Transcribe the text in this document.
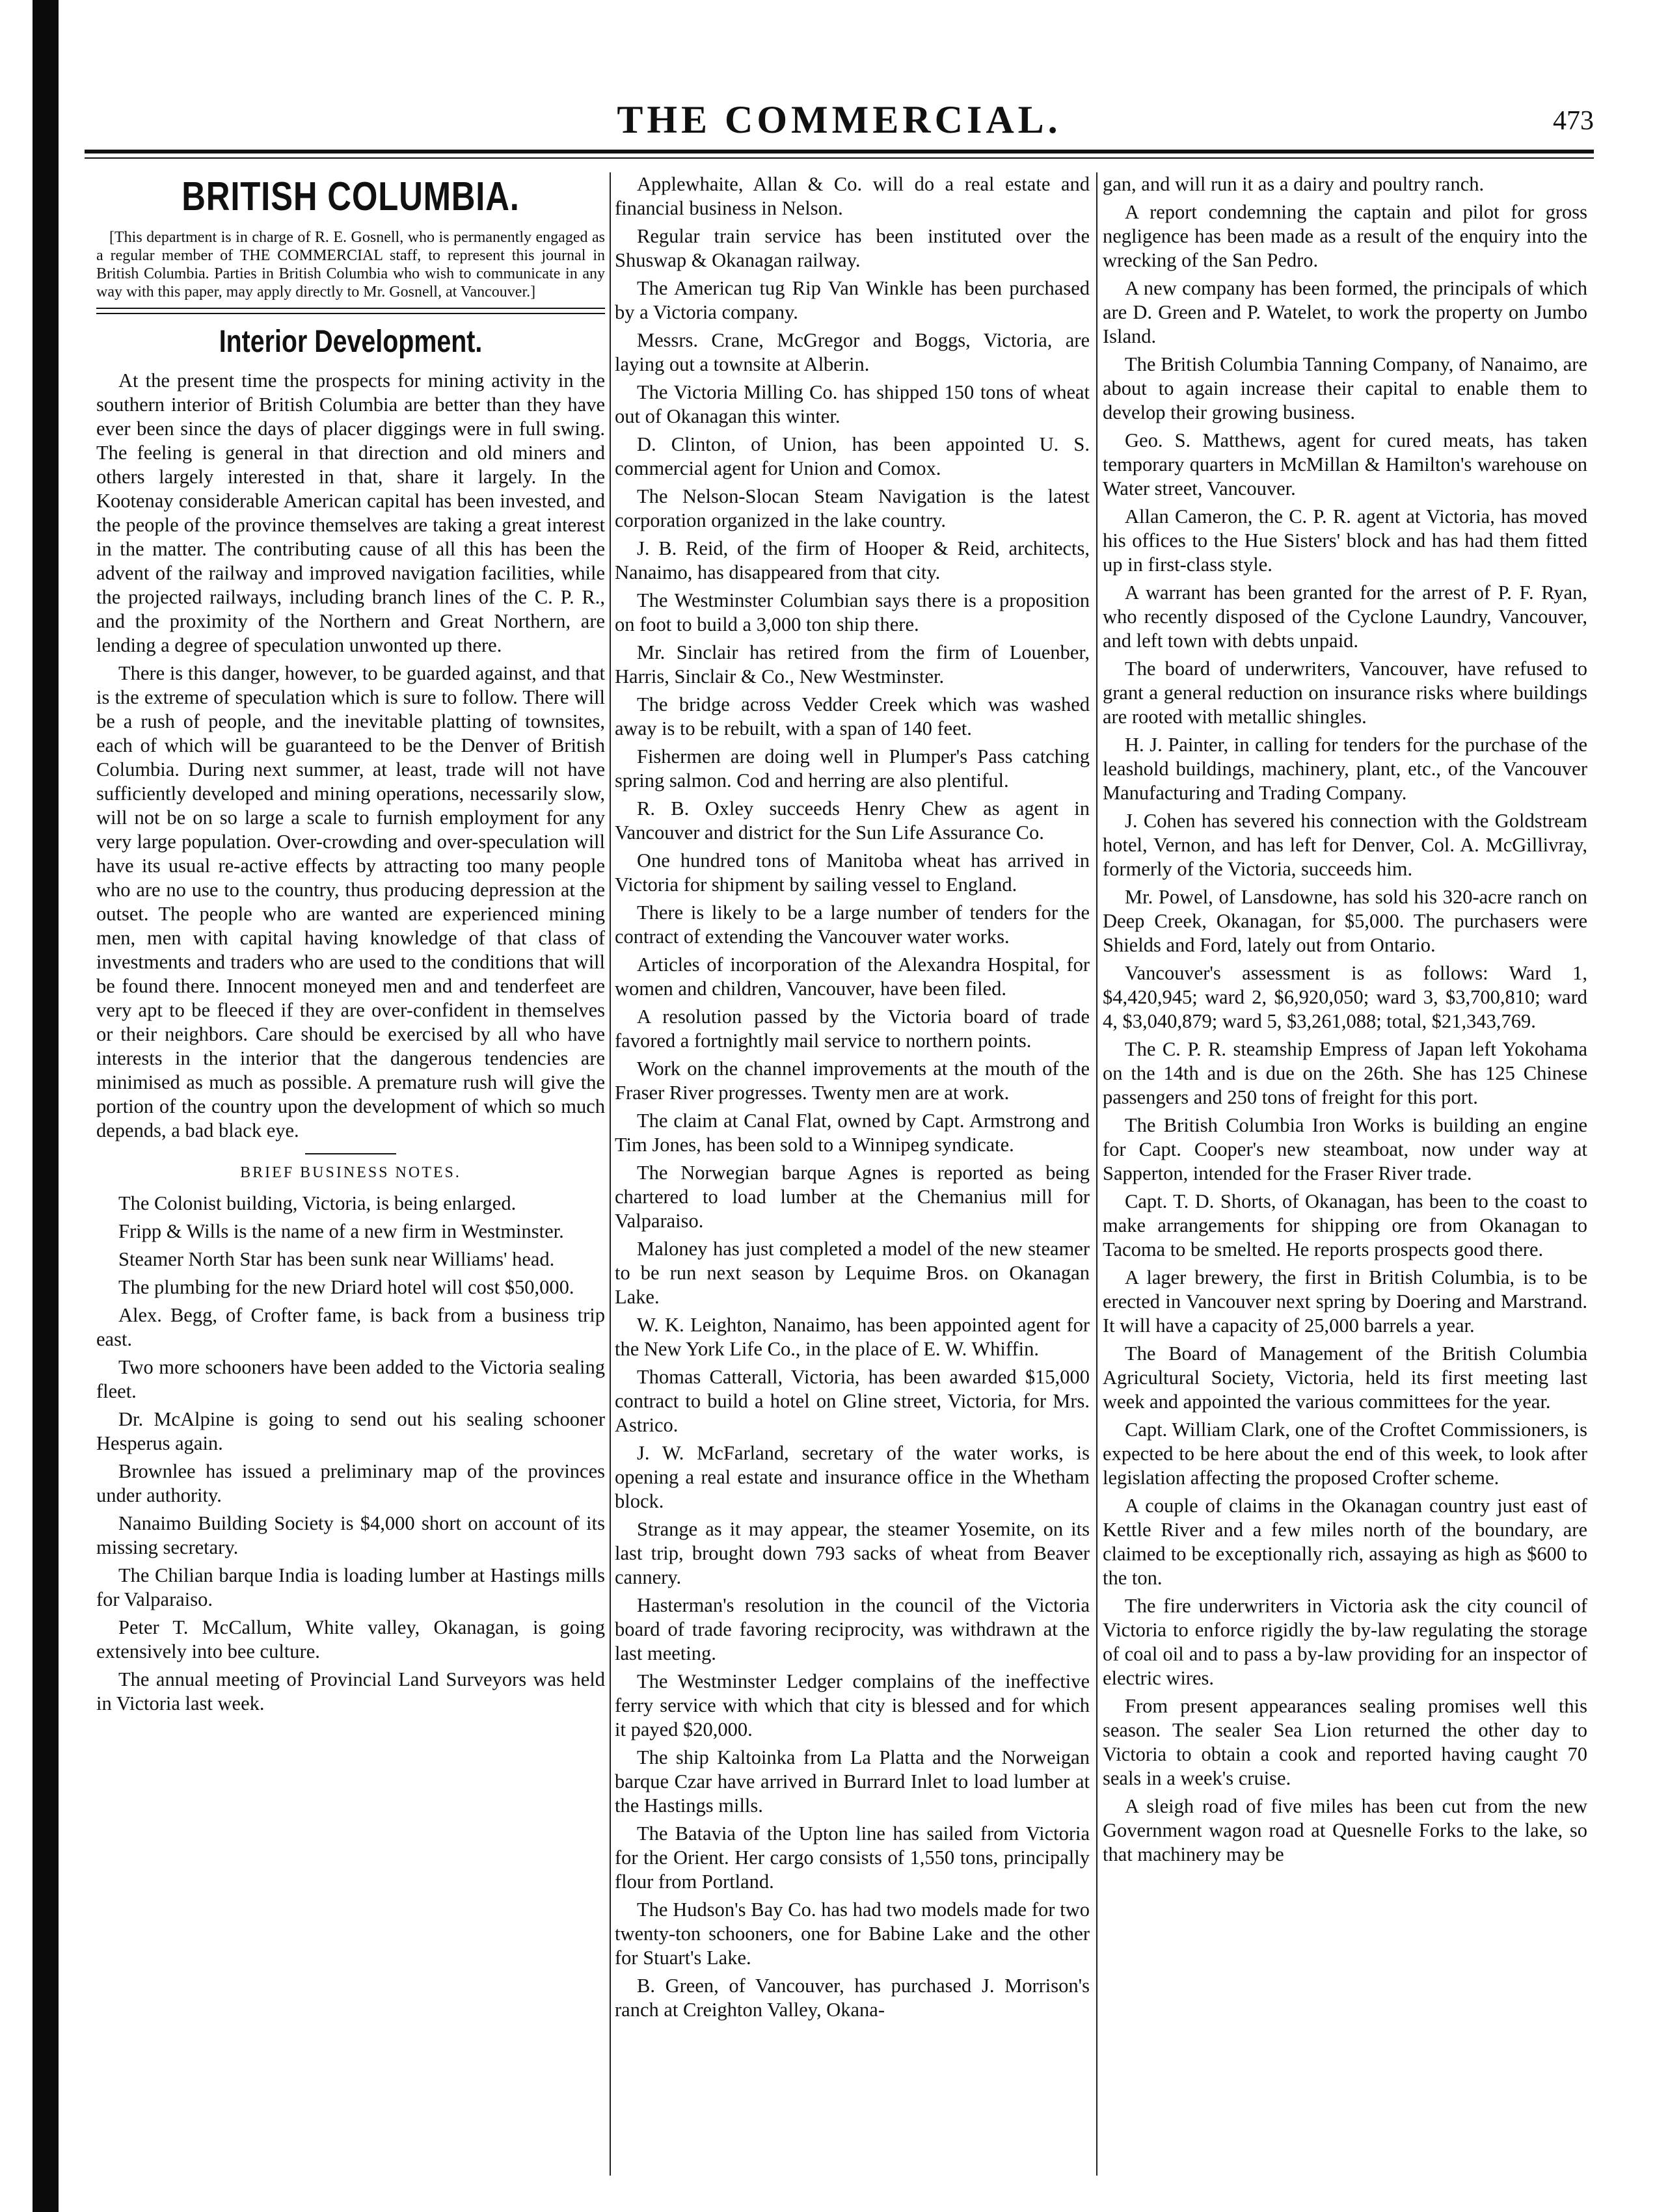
THE COMMERCIAL.	473
BRITISH COLUMBIA.

[This department is in charge of R. E. Gosnell, who is permanently engaged as a regular member of THE COMMERCIAL staff, to represent this journal in British Columbia. Parties in British Columbia who wish to communicate in any way with this paper, may apply directly to Mr. Gosnell, at Vancouver.]

Interior Development.

At the present time the prospects for mining activity in the southern interior of British Columbia are better than they have ever been since the days of placer diggings were in full swing. The feeling is general in that direction and old miners and others largely interested in that, share it largely. In the Kootenay considerable American capital has been invested, and the people of the province themselves are taking a great interest in the matter. The contributing cause of all this has been the advent of the railway and improved navigation facilities, while the projected railways, including branch lines of the C. P. R., and the proximity of the Northern and Great Northern, are lending a degree of speculation unwonted up there.

There is this danger, however, to be guarded against, and that is the extreme of speculation which is sure to follow. There will be a rush of people, and the inevitable platting of townsites, each of which will be guaranteed to be the Denver of British Columbia. During next summer, at least, trade will not have sufficiently developed and mining operations, necessarily slow, will not be on so large a scale to furnish employment for any very large population. Over-crowding and over-speculation will have its usual re-active effects by attracting too many people who are no use to the country, thus producing depression at the outset. The people who are wanted are experienced mining men, men with capital having knowledge of that class of investments and traders who are used to the conditions that will be found there. Innocent moneyed men and and tenderfeet are very apt to be fleeced if they are over-confident in themselves or their neighbors. Care should be exercised by all who have interests in the interior that the dangerous tendencies are minimised as much as possible. A premature rush will give the portion of the country upon the development of which so much depends, a bad black eye.

BRIEF BUSINESS NOTES.

The Colonist building, Victoria, is being enlarged.

Fripp & Wills is the name of a new firm in Westminster.

Steamer North Star has been sunk near Williams' head.

The plumbing for the new Driard hotel will cost $50,000.

Alex. Begg, of Crofter fame, is back from a business trip east.

Two more schooners have been added to the Victoria sealing fleet.

Dr. McAlpine is going to send out his sealing schooner Hesperus again.

Brownlee has issued a preliminary map of the provinces under authority.

Nanaimo Building Society is $4,000 short on account of its missing secretary.

The Chilian barque India is loading lumber at Hastings mills for Valparaiso.

Peter T. McCallum, White valley, Okanagan, is going extensively into bee culture.

The annual meeting of Provincial Land Surveyors was held in Victoria last week.

Applewhaite, Allan & Co. will do a real estate and financial business in Nelson.

Regular train service has been instituted over the Shuswap & Okanagan railway.

The American tug Rip Van Winkle has been purchased by a Victoria company.

Messrs. Crane, McGregor and Boggs, Victoria, are laying out a townsite at Alberin.

The Victoria Milling Co. has shipped 150 tons of wheat out of Okanagan this winter.

D. Clinton, of Union, has been appointed U. S. commercial agent for Union and Comox.

The Nelson-Slocan Steam Navigation is the latest corporation organized in the lake country.

J. B. Reid, of the firm of Hooper & Reid, architects, Nanaimo, has disappeared from that city.

The Westminster Columbian says there is a proposition on foot to build a 3,000 ton ship there.

Mr. Sinclair has retired from the firm of Louenber, Harris, Sinclair & Co., New Westminster.

The bridge across Vedder Creek which was washed away is to be rebuilt, with a span of 140 feet.

Fishermen are doing well in Plumper's Pass catching spring salmon. Cod and herring are also plentiful.

R. B. Oxley succeeds Henry Chew as agent in Vancouver and district for the Sun Life Assurance Co.

One hundred tons of Manitoba wheat has arrived in Victoria for shipment by sailing vessel to England.

There is likely to be a large number of tenders for the contract of extending the Vancouver water works.

Articles of incorporation of the Alexandra Hospital, for women and children, Vancouver, have been filed.

A resolution passed by the Victoria board of trade favored a fortnightly mail service to northern points.

Work on the channel improvements at the mouth of the Fraser River progresses. Twenty men are at work.

The claim at Canal Flat, owned by Capt. Armstrong and Tim Jones, has been sold to a Winnipeg syndicate.

The Norwegian barque Agnes is reported as being chartered to load lumber at the Chemanius mill for Valparaiso.

Maloney has just completed a model of the new steamer to be run next season by Lequime Bros. on Okanagan Lake.

W. K. Leighton, Nanaimo, has been appointed agent for the New York Life Co., in the place of E. W. Whiffin.

Thomas Catterall, Victoria, has been awarded $15,000 contract to build a hotel on Gline street, Victoria, for Mrs. Astrico.

J. W. McFarland, secretary of the water works, is opening a real estate and insurance office in the Whetham block.

Strange as it may appear, the steamer Yosemite, on its last trip, brought down 793 sacks of wheat from Beaver cannery.

Hasterman's resolution in the council of the Victoria board of trade favoring reciprocity, was withdrawn at the last meeting.

The Westminster Ledger complains of the ineffective ferry service with which that city is blessed and for which it payed $20,000.

The ship Kaltoinka from La Platta and the Norweigan barque Czar have arrived in Burrard Inlet to load lumber at the Hastings mills.

The Batavia of the Upton line has sailed from Victoria for the Orient. Her cargo consists of 1,550 tons, principally flour from Portland.

The Hudson's Bay Co. has had two models made for two twenty-ton schooners, one for Babine Lake and the other for Stuart's Lake.

B. Green, of Vancouver, has purchased J. Morrison's ranch at Creighton Valley, Okana-

gan, and will run it as a dairy and poultry ranch.

A report condemning the captain and pilot for gross negligence has been made as a result of the enquiry into the wrecking of the San Pedro.

A new company has been formed, the principals of which are D. Green and P. Watelet, to work the property on Jumbo Island.

The British Columbia Tanning Company, of Nanaimo, are about to again increase their capital to enable them to develop their growing business.

Geo. S. Matthews, agent for cured meats, has taken temporary quarters in McMillan & Hamilton's warehouse on Water street, Vancouver.

Allan Cameron, the C. P. R. agent at Victoria, has moved his offices to the Hue Sisters' block and has had them fitted up in first-class style.

A warrant has been granted for the arrest of P. F. Ryan, who recently disposed of the Cyclone Laundry, Vancouver, and left town with debts unpaid.

The board of underwriters, Vancouver, have refused to grant a general reduction on insurance risks where buildings are rooted with metallic shingles.

H. J. Painter, in calling for tenders for the purchase of the leashold buildings, machinery, plant, etc., of the Vancouver Manufacturing and Trading Company.

J. Cohen has severed his connection with the Goldstream hotel, Vernon, and has left for Denver, Col. A. McGillivray, formerly of the Victoria, succeeds him.

Mr. Powel, of Lansdowne, has sold his 320-acre ranch on Deep Creek, Okanagan, for $5,000. The purchasers were Shields and Ford, lately out from Ontario.

Vancouver's assessment is as follows: Ward 1, $4,420,945; ward 2, $6,920,050; ward 3, $3,700,810; ward 4, $3,040,879; ward 5, $3,261,088; total, $21,343,769.

The C. P. R. steamship Empress of Japan left Yokohama on the 14th and is due on the 26th. She has 125 Chinese passengers and 250 tons of freight for this port.

The British Columbia Iron Works is building an engine for Capt. Cooper's new steamboat, now under way at Sapperton, intended for the Fraser River trade.

Capt. T. D. Shorts, of Okanagan, has been to the coast to make arrangements for shipping ore from Okanagan to Tacoma to be smelted. He reports prospects good there.

A lager brewery, the first in British Columbia, is to be erected in Vancouver next spring by Doering and Marstrand. It will have a capacity of 25,000 barrels a year.

The Board of Management of the British Columbia Agricultural Society, Victoria, held its first meeting last week and appointed the various committees for the year.

Capt. William Clark, one of the Croftet Commissioners, is expected to be here about the end of this week, to look after legislation affecting the proposed Crofter scheme.

A couple of claims in the Okanagan country just east of Kettle River and a few miles north of the boundary, are claimed to be exceptionally rich, assaying as high as $600 to the ton.

The fire underwriters in Victoria ask the city council of Victoria to enforce rigidly the by-law regulating the storage of coal oil and to pass a by-law providing for an inspector of electric wires.

From present appearances sealing promises well this season. The sealer Sea Lion returned the other day to Victoria to obtain a cook and reported having caught 70 seals in a week's cruise.

A sleigh road of five miles has been cut from the new Government wagon road at Quesnelle Forks to the lake, so that machinery may be
